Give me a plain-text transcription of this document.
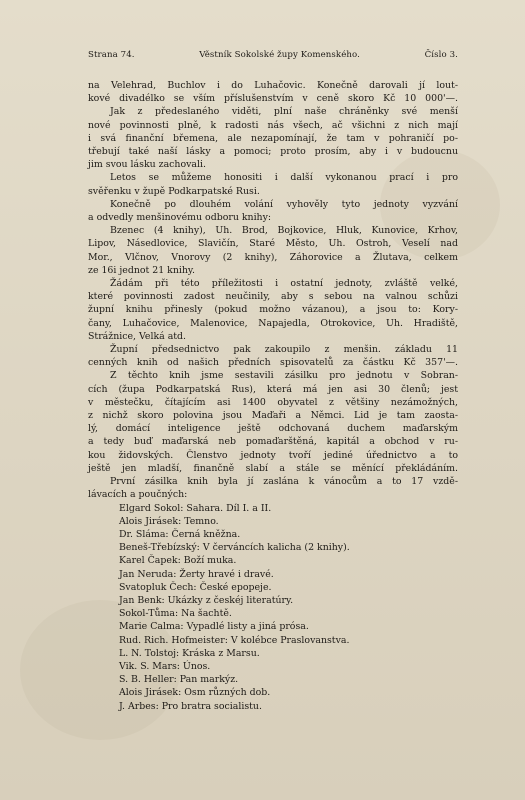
Strana 74.	Věstník Sokolské župy Komenského.	Číslo 3.
na Velehrad, Buchlov i do Luhačovic. Konečně darovali jí lout-
kové divadélko se vším příslušenstvím v ceně skoro Kč 10 000'—.
Jak z předeslaného viděti, plní naše chráněnky své menší
nové povinnosti plně, k radosti nás všech, ač všichni z nich mají
i svá finanční břemena, ale nezapomínají, že tam v pohraničí po-
třebují také naší lásky a pomoci; proto prosím, aby i v budoucnu
jim svou lásku zachovali.
Letos se můžeme honositi i další vykonanou prací i pro
svěřenku v župě Podkarpatské Rusi.
Konečně po dlouhém volání vyhověly tyto jednoty vyzvání
a odvedly menšinovému odboru knihy:
Bzenec (4 knihy), Uh. Brod, Bojkovice, Hluk, Kunovice, Krhov,
Lipov, Násedlovice, Slavičín, Staré Město, Uh. Ostroh, Veselí nad
Mor., Vlčnov, Vnorovy (2 knihy), Záhorovice a Žlutava, celkem
ze 16i jednot 21 knihy.
Žádám při této příležitosti i ostatní jednoty, zvláště velké,
které povinnosti zadost neučinily, aby s sebou na valnou schůzi
župní knihu přinesly (pokud možno vázanou), a jsou to: Kory-
čany, Luhačovice, Malenovice, Napajedla, Otrokovice, Uh. Hradiště,
Strážnice, Velká atd.
Župní předsednictvo pak zakoupilo z menšin. základu 11
cenných knih od našich předních spisovatelů za částku Kč 357'—.
Z těchto knih jsme sestavili zásilku pro jednotu v Sobran-
cích (župa Podkarpatská Rus), která má jen asi 30 členů; jest
v městečku, čítajícím asi 1400 obyvatel z většiny nezámožných,
z nichž skoro polovina jsou Maďaři a Němci. Lid je tam zaosta-
lý, domácí inteligence ještě odchovaná duchem maďarským
a tedy buď maďarská neb pomaďarštěná, kapitál a obchod v ru-
kou židovských. Členstvo jednoty tvoří jediné úřednictvo a to
ještě jen mladší, finančně slabí a stále se měnící překládáním.
První zásilka knih byla jí zaslána k vánocům a to 17 vzdě-
lávacích a poučných:
Elgard Sokol: Sahara. Díl I. a II.
Alois Jirásek: Temno.
Dr. Sláma: Černá kněžna.
Beneš-Třebízský: V červáncích kalicha (2 knihy).
Karel Čapek: Boží muka.
Jan Neruda: Žerty hravé i dravé.
Svatopluk Čech: České epopeje.
Jan Benk: Ukázky z českéj literatúry.
Sokol-Tůma: Na šachtě.
Marie Calma: Vypadlé listy a jiná prósa.
Rud. Rich. Hofmeister: V kolébce Praslovanstva.
L. N. Tolstoj: Kráska z Marsu.
Vik. S. Mars: Únos.
S. B. Heller: Pan markýz.
Alois Jirásek: Osm různých dob.
J. Arbes: Pro bratra socialistu.
